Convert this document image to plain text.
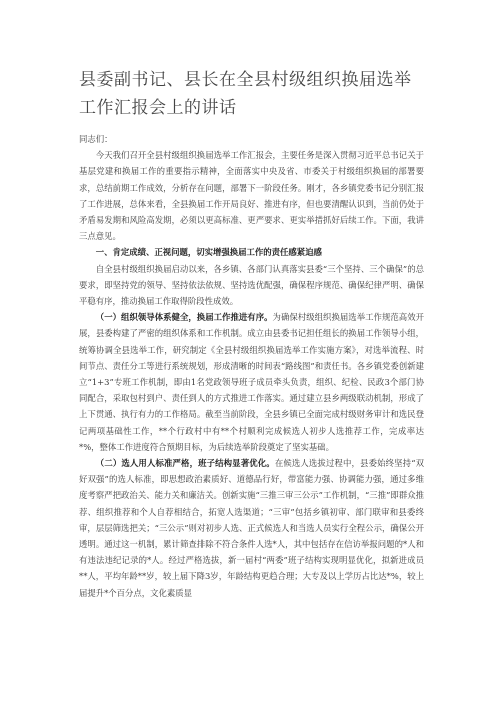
县委副书记、县长在全县村级组织换届选举工作汇报会上的讲话

同志们：

今天我们召开全县村级组织换届选举工作汇报会，主要任务是深入贯彻习近平总书记关于基层党建和换届工作的重要指示精神，全面落实中央及省、市委关于村级组织换届的部署要求，总结前期工作成效，分析存在问题，部署下一阶段任务。刚才，各乡镇党委书记分别汇报了工作进展，总体来看，全县换届工作开局良好、推进有序，但也要清醒认识到，当前仍处于矛盾易发期和风险高发期，必须以更高标准、更严要求、更实举措抓好后续工作。下面，我讲三点意见。

一、肯定成绩、正视问题，切实增强换届工作的责任感紧迫感

自全县村级组织换届启动以来，各乡镇、各部门认真落实县委“三个坚持、三个确保”的总要求，即坚持党的领导、坚持依法依规、坚持选优配强，确保程序规范、确保纪律严明、确保平稳有序，推动换届工作取得阶段性成效。

（一）组织领导体系健全，换届工作推进有序。为确保村级组织换届选举工作规范高效开展，县委构建了严密的组织体系和工作机制。成立由县委书记担任组长的换届工作领导小组，统筹协调全县选举工作，研究制定《全县村级组织换届选举工作实施方案》，对选举流程、时间节点、责任分工等进行系统规划，形成清晰的时间表“路线图”和责任书。各乡镇党委创新建立“1+3”专班工作机制，即由1名党政领导班子成员牵头负责，组织、纪检、民政3个部门协同配合，采取包村到户、责任到人的方式推进工作落实。通过建立县乡两级联动机制，形成了上下贯通、执行有力的工作格局。截至当前阶段，全县乡镇已全面完成村级财务审计和选民登记两项基础性工作，**个行政村中有**个村顺利完成候选人初步人选推荐工作，完成率达*%，整体工作进度符合预期目标，为后续选举阶段奠定了坚实基础。

（二）选人用人标准严格，班子结构显著优化。在候选人选拔过程中，县委始终坚持“双好双强”的选人标准，即思想政治素质好、道德品行好，带富能力强、协调能力强，通过多维度考察严把政治关、能力关和廉洁关。创新实施“三推三审三公示”工作机制，“三推”即群众推荐、组织推荐和个人自荐相结合，拓宽人选渠道；“三审”包括乡镇初审、部门联审和县委终审，层层筛选把关；“三公示”则对初步人选、正式候选人和当选人员实行全程公示，确保公开透明。通过这一机制，累计筛查排除不符合条件人选*人，其中包括存在信访举报问题的*人和有违法违纪记录的*人。经过严格选拔，新一届村“两委”班子结构实现明显优化，拟新进成员**人，平均年龄**岁，较上届下降3岁，年龄结构更趋合理；大专及以上学历占比达*%，较上届提升*个百分点，文化素质显
